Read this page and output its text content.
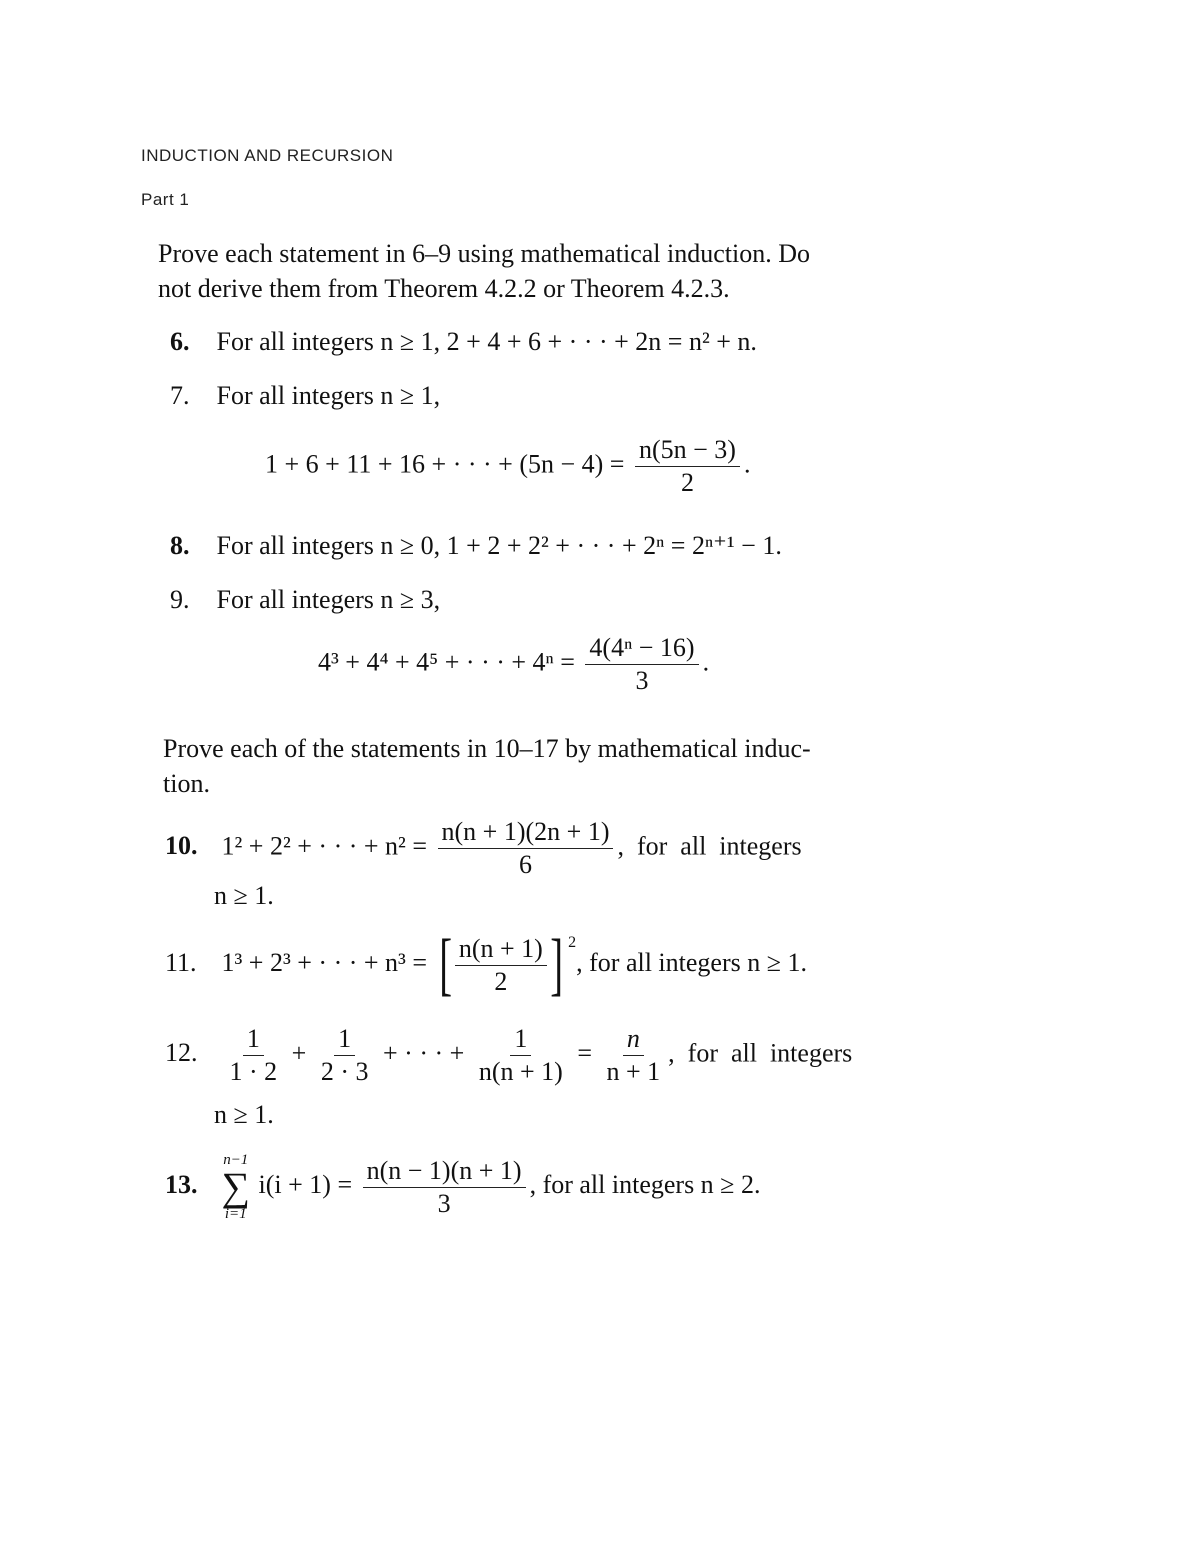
INDUCTION AND RECURSION
Part 1
Prove each statement in 6–9 using mathematical induction. Do
not derive them from Theorem 4.2.2 or Theorem 4.2.3.
6. For all integers n ≥ 1, 2 + 4 + 6 + · · · + 2n = n² + n.
7. For all integers n ≥ 1,
1 + 6 + 11 + 16 + · · · + $(5n - 4) = \frac{n(5n - 3)}{2}$ .
8. For all integers n ≥ 0, 1 + 2 + 2² + · · · + 2ⁿ = 2ⁿ⁺¹ − 1.
9. For all integers n ≥ 3,
4³ + 4⁴ + 4⁵ + · · · + $4^n = \frac{\text{4(4ⁿ − 16)}}{3}$ .
Prove each of the statements in 10–17 by mathematical induc-
tion.
10. 1² + 2² + · · · + $n^2 = \frac{n(n + 1)(2n + 1)}{6}$ ,  for  all  integers
n ≥ 1.
11. 1³ + 2³ + · · · + n³ = [ $\frac{n(n + 1)}{2}$ ] $^2$, for all integers n ≥ 1.
12. $\frac{1}{1 \cdot 2} + \frac{1}{2 \cdot 3}$ + · · · + $\frac{1}{n(n + 1)} = \frac{n}{n + 1}$ ,  for  all  integers
n ≥ 1.
13.
n−1
∑
i=1
$i(i + 1) = \frac{n(n - 1)(n + 1)}{3}$ , for all integers n ≥ 2.
